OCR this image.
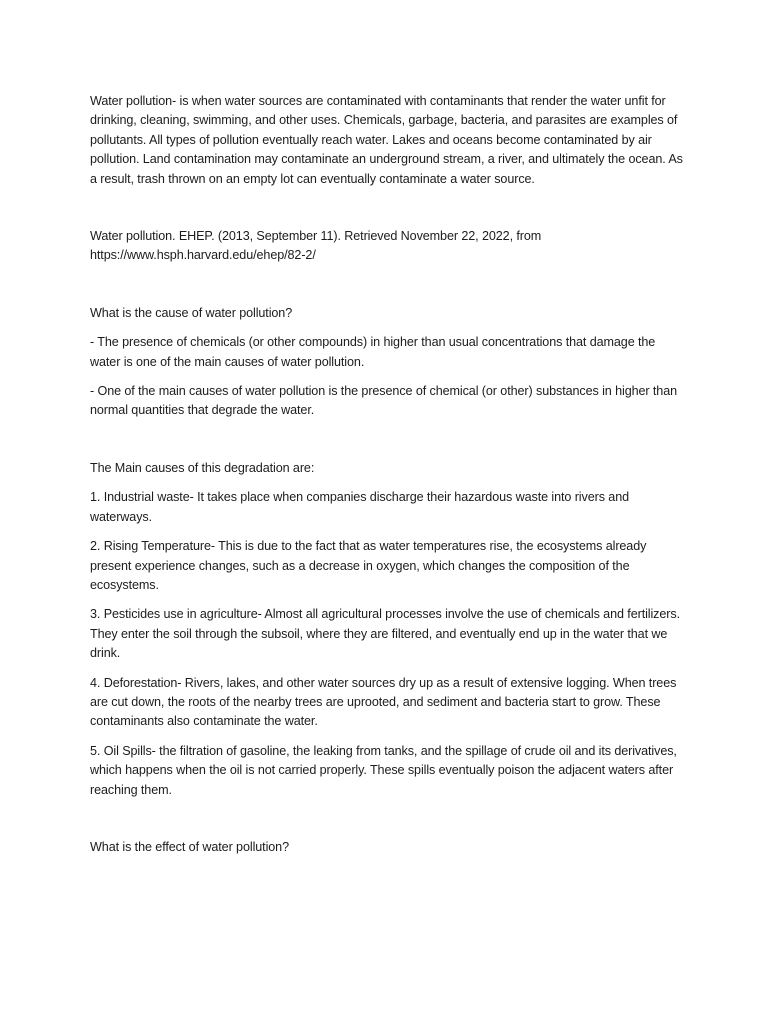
Water pollution- is when water sources are contaminated with contaminants that render the water unfit for drinking, cleaning, swimming, and other uses. Chemicals, garbage, bacteria, and parasites are examples of pollutants. All types of pollution eventually reach water. Lakes and oceans become contaminated by air pollution. Land contamination may contaminate an underground stream, a river, and ultimately the ocean. As a result, trash thrown on an empty lot can eventually contaminate a water source.

Water pollution. EHEP. (2013, September 11). Retrieved November 22, 2022, from https://www.hsph.harvard.edu/ehep/82-2/

What is the cause of water pollution?

- The presence of chemicals (or other compounds) in higher than usual concentrations that damage the water is one of the main causes of water pollution.

- One of the main causes of water pollution is the presence of chemical (or other) substances in higher than normal quantities that degrade the water.

The Main causes of this degradation are:

1. Industrial waste- It takes place when companies discharge their hazardous waste into rivers and waterways.

2. Rising Temperature- This is due to the fact that as water temperatures rise, the ecosystems already present experience changes, such as a decrease in oxygen, which changes the composition of the ecosystems.

3. Pesticides use in agriculture- Almost all agricultural processes involve the use of chemicals and fertilizers. They enter the soil through the subsoil, where they are filtered, and eventually end up in the water that we drink.

4. Deforestation- Rivers, lakes, and other water sources dry up as a result of extensive logging. When trees are cut down, the roots of the nearby trees are uprooted, and sediment and bacteria start to grow. These contaminants also contaminate the water.

5. Oil Spills- the filtration of gasoline, the leaking from tanks, and the spillage of crude oil and its derivatives, which happens when the oil is not carried properly. These spills eventually poison the adjacent waters after reaching them.

What is the effect of water pollution?
